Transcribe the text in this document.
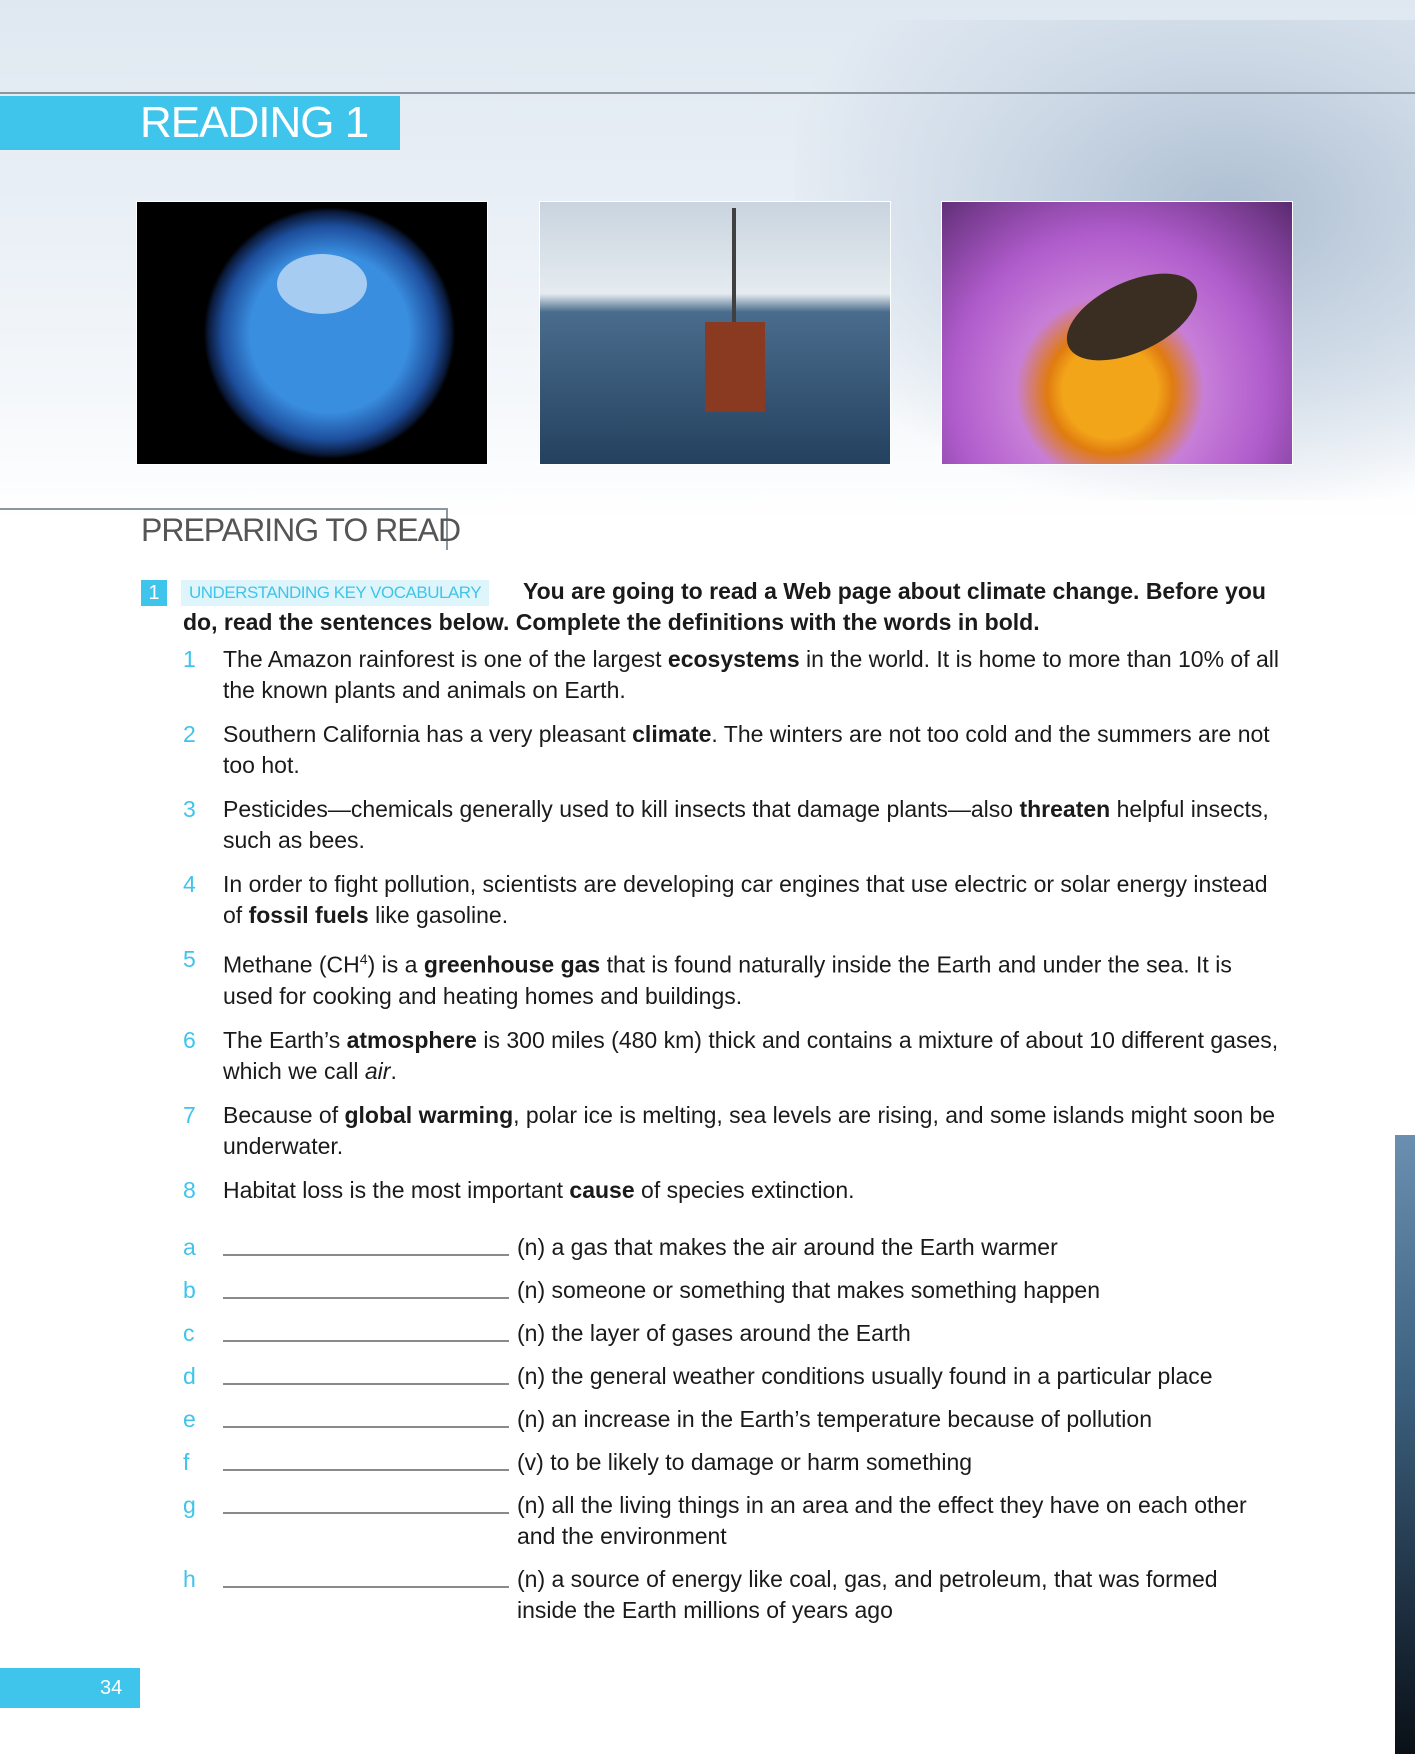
READING 1
PREPARING TO READ
You are going to read a Web page about climate change. Before you do, read the sentences below. Complete the definitions with the words in bold.
1	UNDERSTANDING KEY VOCABULARY
1 The Amazon rainforest is one of the largest ecosystems in the world. It is home to more than 10% of all the known plants and animals on Earth.
2 Southern California has a very pleasant climate. The winters are not too cold and the summers are not too hot.
3 Pesticides—chemicals generally used to kill insects that damage plants—also threaten helpful insects, such as bees.
4 In order to fight pollution, scientists are developing car engines that use electric or solar energy instead of fossil fuels like gasoline.
5 Methane $(CH^4)$ is a greenhouse gas that is found naturally inside the Earth and under the sea. It is used for cooking and heating homes and buildings.
6 The Earth’s atmosphere is 300 miles (480 km) thick and contains a mixture of about 10 different gases, which we call air.
7 Because of global warming, polar ice is melting, sea levels are rising, and some islands might soon be underwater.
8 Habitat loss is the most important cause of species extinction.
a	(n) a gas that makes the air around the Earth warmer
b	(n) someone or something that makes something happen
c	(n) the layer of gases around the Earth
d	(n) the general weather conditions usually found in a particular place
e	(n) an increase in the Earth’s temperature because of pollution
f	(v) to be likely to damage or harm something
g	(n) all the living things in an area and the effect they have on each other and the environment
h	(n) a source of energy like coal, gas, and petroleum, that was formed inside the Earth millions of years ago
34
